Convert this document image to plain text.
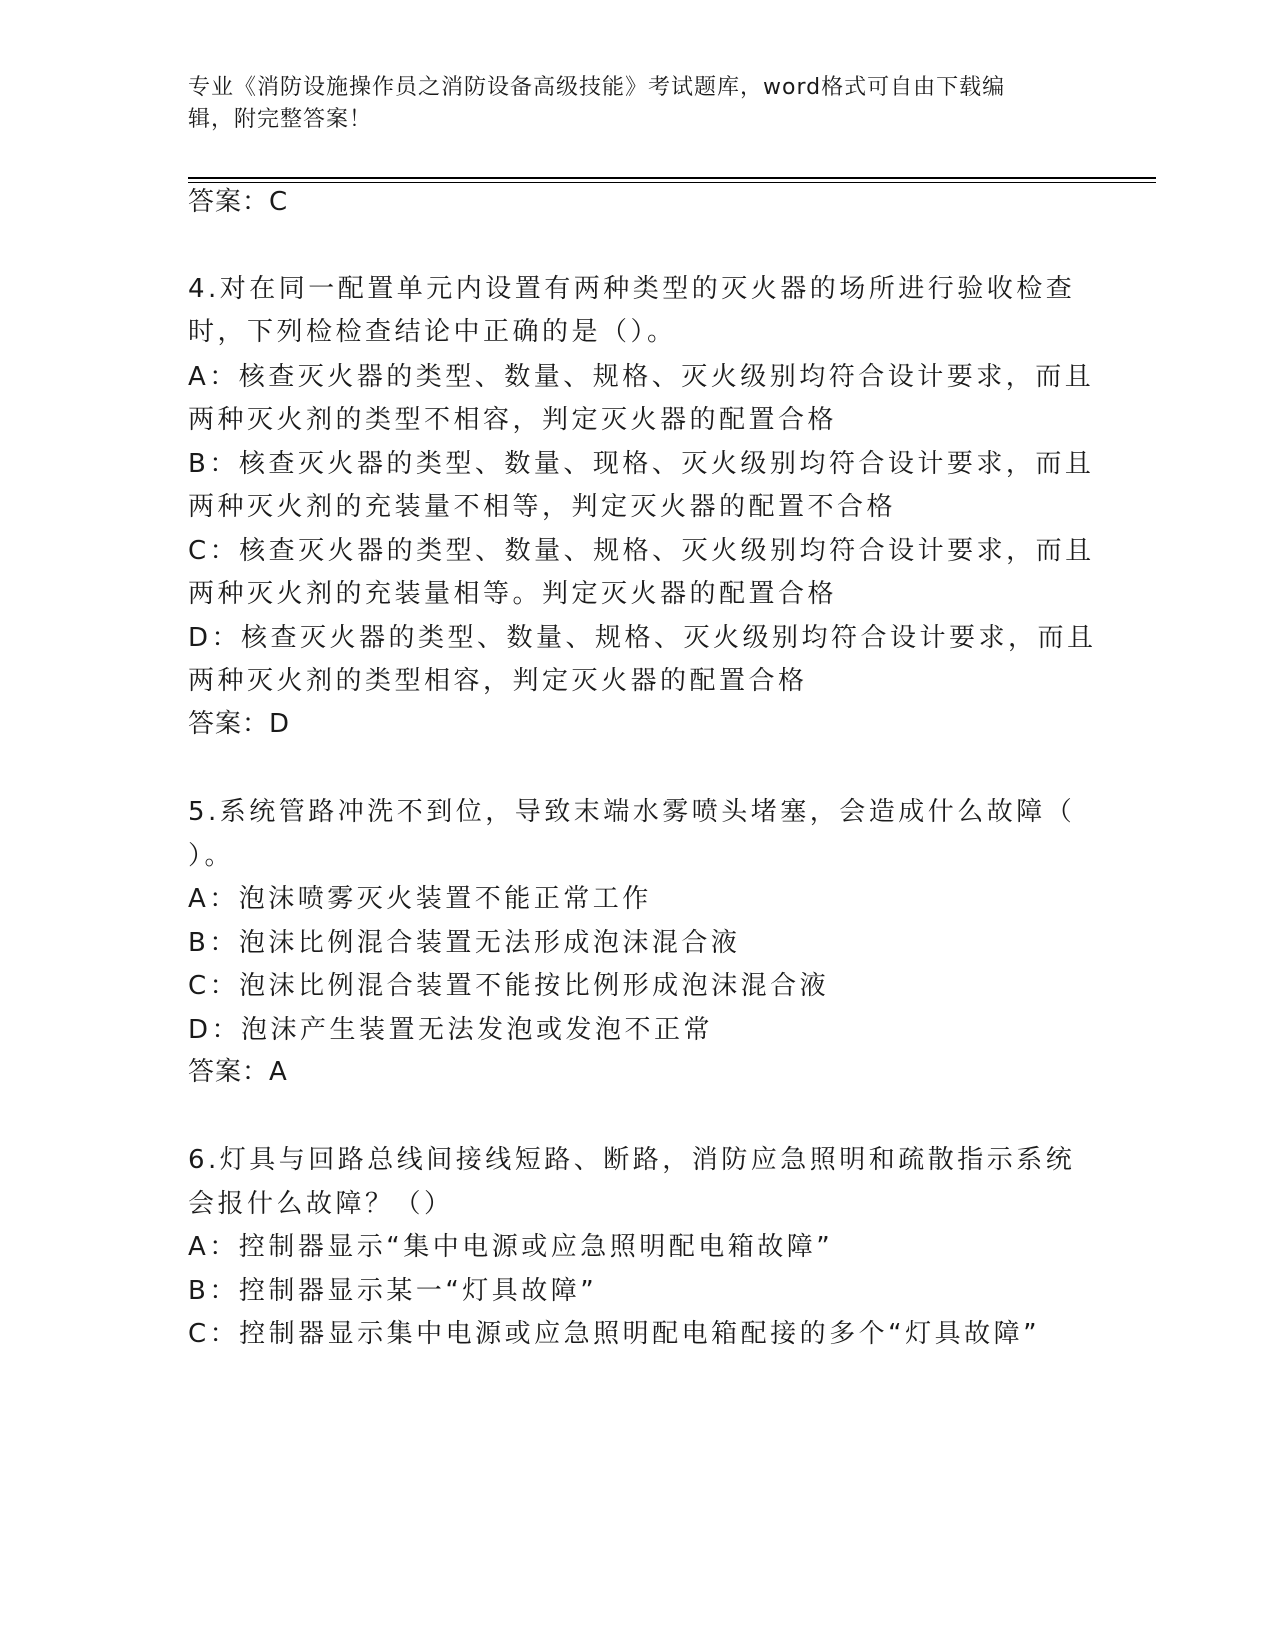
专业《消防设施操作员之消防设备高级技能》考试题库，word格式可自由下载编
辑，附完整答案！
答案：C
4.对在同一配置单元内设置有两种类型的灭火器的场所进行验收检查
时，下列检检查结论中正确的是（）。
A：核查灭火器的类型、数量、规格、灭火级别均符合设计要求，而且
两种灭火剂的类型不相容，判定灭火器的配置合格
B：核查灭火器的类型、数量、现格、灭火级别均符合设计要求，而且
两种灭火剂的充装量不相等，判定灭火器的配置不合格
C：核查灭火器的类型、数量、规格、灭火级别均符合设计要求，而且
两种灭火剂的充装量相等。判定灭火器的配置合格
D：核查灭火器的类型、数量、规格、灭火级别均符合设计要求，而且
两种灭火剂的类型相容，判定灭火器的配置合格
答案：D
5.系统管路冲洗不到位，导致末端水雾喷头堵塞，会造成什么故障（
）。
A：泡沫喷雾灭火装置不能正常工作
B：泡沫比例混合装置无法形成泡沫混合液
C：泡沫比例混合装置不能按比例形成泡沫混合液
D：泡沫产生装置无法发泡或发泡不正常
答案：A
6.灯具与回路总线间接线短路、断路，消防应急照明和疏散指示系统
会报什么故障？（）
A：控制器显示“集中电源或应急照明配电箱故障”
B：控制器显示某一“灯具故障”
C：控制器显示集中电源或应急照明配电箱配接的多个“灯具故障”
